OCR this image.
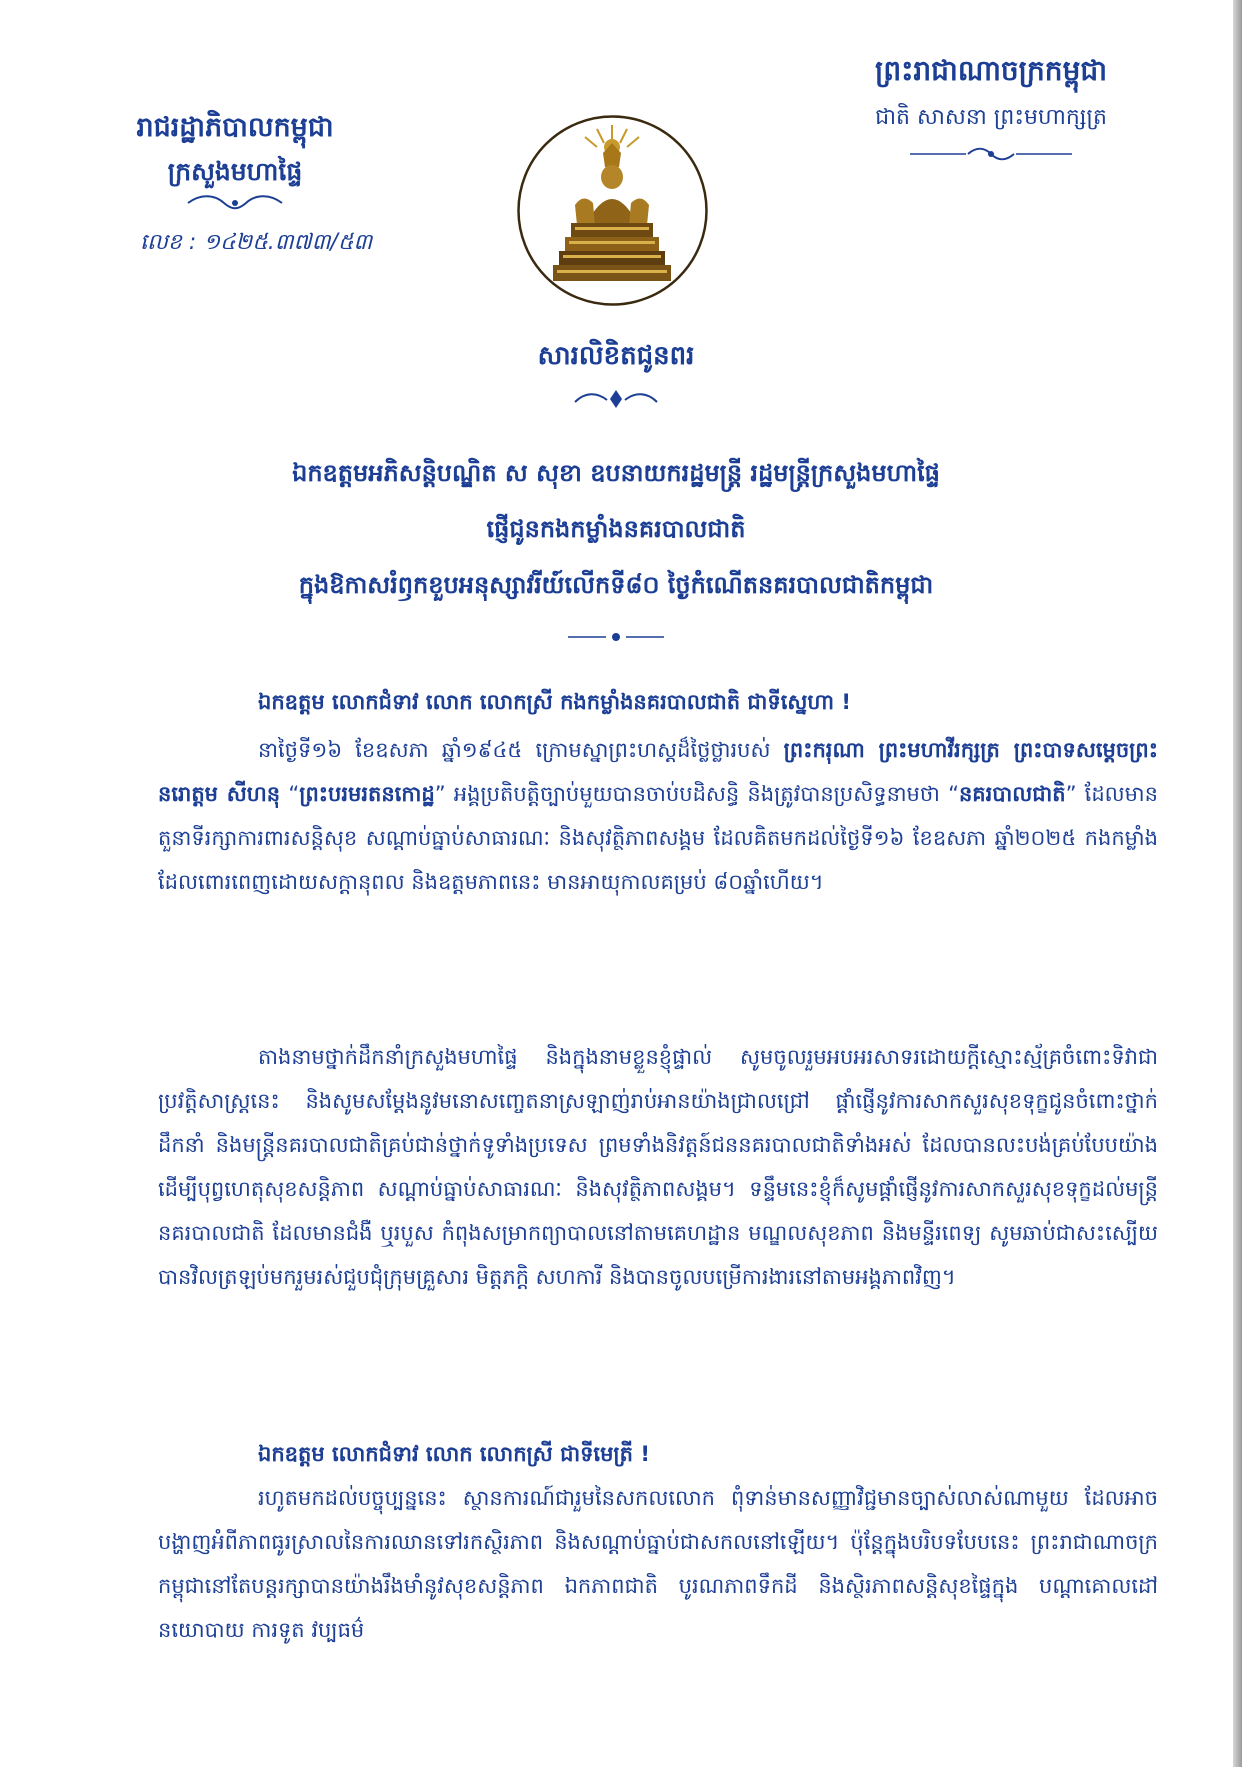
រាជរដ្ឋាភិបាលកម្ពុជា
ក្រសួងមហាផ្ទៃ
លេខ : ១៤២៥.៣៧៣/៥៣
ព្រះរាជាណាចក្រកម្ពុជា
ជាតិ សាសនា ព្រះមហាក្សត្រ
សារលិខិតជូនពរ
ឯកឧត្តមអភិសន្តិបណ្ឌិត ស សុខា ឧបនាយករដ្ឋមន្ត្រី រដ្ឋមន្ត្រីក្រសួងមហាផ្ទៃ
ផ្ញើជូនកងកម្លាំងនគរបាលជាតិ
ក្នុងឱកាសរំឭកខួបអនុស្សាវរីយ៍លើកទី៨០ ថ្ងៃកំណើតនគរបាលជាតិកម្ពុជា
ឯកឧត្តម លោកជំទាវ លោក លោកស្រី កងកម្លាំងនគរបាលជាតិ ជាទីស្នេហា !
នាថ្ងៃទី១៦ ខែឧសភា ឆ្នាំ១៩៤៥ ក្រោមស្នាព្រះហស្ដដ៏ថ្លៃថ្លារបស់ ព្រះករុណា ព្រះមហាវីរក្សត្រ ព្រះបាទសម្ដេចព្រះ នរោត្តម សីហនុ “ព្រះបរមរតនកោដ្ឋ” អង្គប្រតិបត្តិច្បាប់មួយបានចាប់បដិសន្ធិ និងត្រូវបានប្រសិទ្ធនាមថា “នគរបាលជាតិ” ដែលមានតួនាទីរក្សាការពារសន្ដិសុខ សណ្ដាប់ធ្នាប់សាធារណៈ និងសុវត្ថិភាពសង្គម ដែលគិតមកដល់ថ្ងៃទី១៦ ខែឧសភា ឆ្នាំ២០២៥ កងកម្លាំងដែលពោរពេញដោយសក្ដានុពល និងឧត្តមភាពនេះ មានអាយុកាលគម្រប់ ៨០ឆ្នាំហើយ។
តាងនាមថ្នាក់ដឹកនាំក្រសួងមហាផ្ទៃ និងក្នុងនាមខ្លួនខ្ញុំផ្ទាល់ សូមចូលរួមអបអរសាទរដោយក្ដីស្មោះស្ម័គ្រចំពោះទិវាជាប្រវត្តិសាស្ត្រនេះ និងសូមសម្ដែងនូវមនោសញ្ចេតនាស្រឡាញ់រាប់អានយ៉ាងជ្រាលជ្រៅ ផ្ដាំផ្ញើនូវការសាកសួរសុខទុក្ខជូនចំពោះថ្នាក់ដឹកនាំ និងមន្ត្រីនគរបាលជាតិគ្រប់ជាន់ថ្នាក់ទូទាំងប្រទេស ព្រមទាំងនិវត្តន៍ជននគរបាលជាតិទាំងអស់ ដែលបានលះបង់គ្រប់បែបយ៉ាងដើម្បីបុព្វហេតុសុខសន្ដិភាព សណ្ដាប់ធ្នាប់សាធារណៈ និងសុវត្ថិភាពសង្គម។ ទន្ទឹមនេះខ្ញុំក៏សូមផ្ដាំផ្ញើនូវការសាកសួរសុខទុក្ខដល់មន្ត្រីនគរបាលជាតិ ដែលមានជំងឺ ឬរបួស កំពុងសម្រាកព្យាបាលនៅតាមគេហដ្ឋាន មណ្ឌលសុខភាព និងមន្ទីរពេទ្យ សូមឆាប់ជាសះស្បើយ បានវិលត្រឡប់មករួមរស់ជួបជុំក្រុមគ្រួសារ មិត្តភក្ដិ សហការី និងបានចូលបម្រើការងារនៅតាមអង្គភាពវិញ។
ឯកឧត្តម លោកជំទាវ លោក លោកស្រី ជាទីមេត្រី !
រហូតមកដល់បច្ចុប្បន្ននេះ ស្ថានការណ៍ជារួមនៃសកលលោក ពុំទាន់មានសញ្ញាវិជ្ជមានច្បាស់លាស់ណាមួយ ដែលអាចបង្ហាញអំពីភាពធូរស្រាលនៃការឈានទៅរកស្ថិរភាព និងសណ្ដាប់ធ្នាប់ជាសកលនៅឡើយ។ ប៉ុន្តែក្នុងបរិបទបែបនេះ ព្រះរាជាណាចក្រកម្ពុជានៅតែបន្តរក្សាបានយ៉ាងរឹងមាំនូវសុខសន្ដិភាព ឯកភាពជាតិ បូរណភាពទឹកដី និងស្ថិរភាពសន្ដិសុខផ្ទៃក្នុង បណ្ដាគោលដៅនយោបាយ ការទូត វប្បធម៌
